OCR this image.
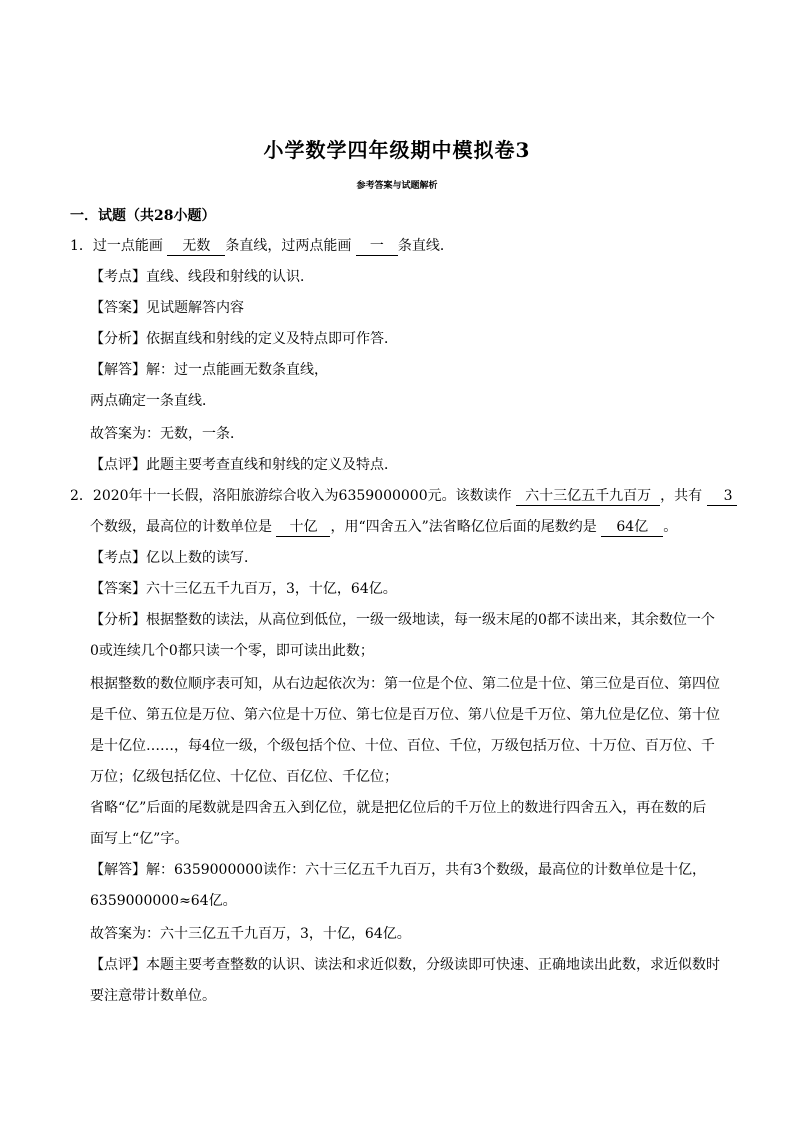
小学数学四年级期中模拟卷3
参考答案与试题解析
一．试题（共28小题）
1．过一点能画 无数 条直线，过两点能画 一 条直线．
【考点】直线、线段和射线的认识．
【答案】见试题解答内容
【分析】依据直线和射线的定义及特点即可作答．
【解答】解：过一点能画无数条直线，
两点确定一条直线．
故答案为：无数，一条．
【点评】此题主要考查直线和射线的定义及特点．
2．2020年十一长假，洛阳旅游综合收入为6359000000元。该数读作 六十三亿五千九百万 ，共有 3
个数级，最高位的计数单位是 十亿 ，用“四舍五入”法省略亿位后面的尾数约是 64亿 。
【考点】亿以上数的读写．
【答案】六十三亿五千九百万，3，十亿，64亿。
【分析】根据整数的读法，从高位到低位，一级一级地读，每一级末尾的0都不读出来，其余数位一个
0或连续几个0都只读一个零，即可读出此数；
根据整数的数位顺序表可知，从右边起依次为：第一位是个位、第二位是十位、第三位是百位、第四位
是千位、第五位是万位、第六位是十万位、第七位是百万位、第八位是千万位、第九位是亿位、第十位
是十亿位……，每4位一级，个级包括个位、十位、百位、千位，万级包括万位、十万位、百万位、千
万位；亿级包括亿位、十亿位、百亿位、千亿位；
省略“亿”后面的尾数就是四舍五入到亿位，就是把亿位后的千万位上的数进行四舍五入，再在数的后
面写上“亿”字。
【解答】解：6359000000读作：六十三亿五千九百万，共有3个数级，最高位的计数单位是十亿，
6359000000≈64亿。
故答案为：六十三亿五千九百万，3，十亿，64亿。
【点评】本题主要考查整数的认识、读法和求近似数，分级读即可快速、正确地读出此数，求近似数时
要注意带计数单位。
